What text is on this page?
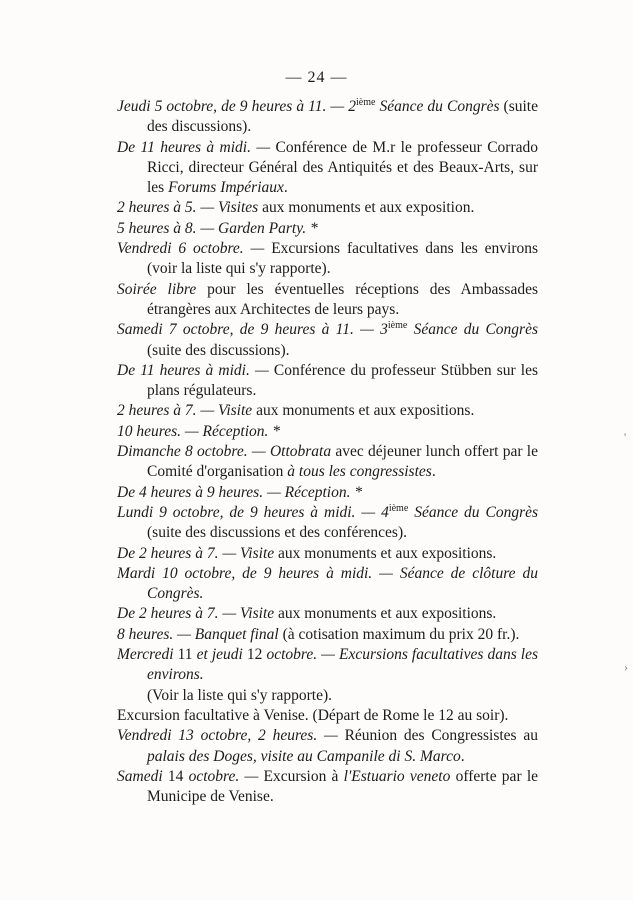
— 24 —
'
›
Jeudi 5 octobre, de 9 heures à 11. — 2ième Séance du Congrès (suite des discussions).
De 11 heures à midi. — Conférence de M.r le professeur Corrado Ricci, directeur Général des Antiquités et des Beaux-Arts, sur les Forums Impériaux.
2 heures à 5. — Visites aux monuments et aux exposition.
5 heures à 8. — Garden Party. *
Vendredi 6 octobre. — Excursions facultatives dans les environs (voir la liste qui s'y rapporte).
Soirée libre pour les éventuelles réceptions des Ambassades étrangères aux Architectes de leurs pays.
Samedi 7 octobre, de 9 heures à 11. — 3ième Séance du Congrès (suite des discussions).
De 11 heures à midi. — Conférence du professeur Stübben sur les plans régulateurs.
2 heures à 7. — Visite aux monuments et aux expositions.
10 heures. — Réception. *
Dimanche 8 octobre. — Ottobrata avec déjeuner lunch offert par le Comité d'organisation à tous les congressistes.
De 4 heures à 9 heures. — Réception. *
Lundi 9 octobre, de 9 heures à midi. — 4ième Séance du Congrès (suite des discussions et des conférences).
De 2 heures à 7. — Visite aux monuments et aux expositions.
Mardi 10 octobre, de 9 heures à midi. — Séance de clôture du Congrès.
De 2 heures à 7. — Visite aux monuments et aux expositions.
8 heures. — Banquet final (à cotisation maximum du prix 20 fr.).
Mercredi 11 et jeudi 12 octobre. — Excursions facultatives dans les environs.
(Voir la liste qui s'y rapporte).
Excursion facultative à Venise. (Départ de Rome le 12 au soir).
Vendredi 13 octobre, 2 heures. — Réunion des Congressistes au palais des Doges, visite au Campanile di S. Marco.
Samedi 14 octobre. — Excursion à l'Estuario veneto offerte par le Municipe de Venise.
